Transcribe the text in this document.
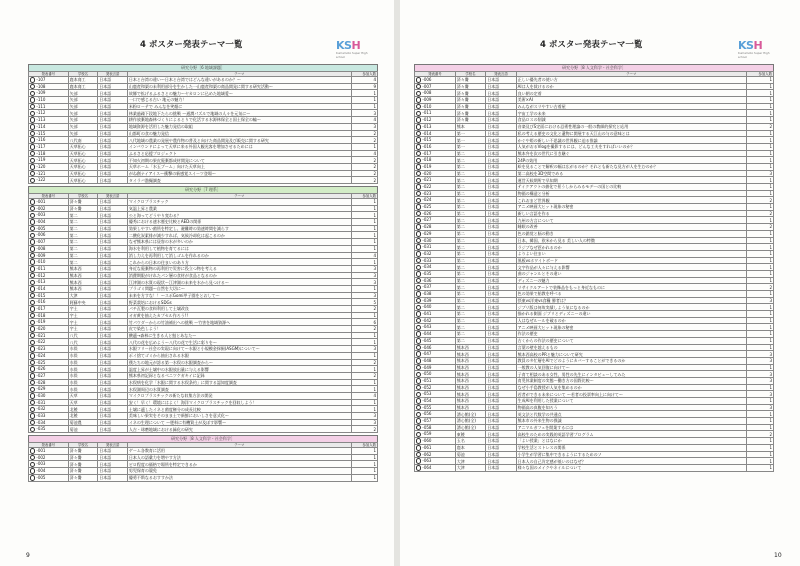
4 ポスター発表テーマ一覧	KSH
Kumamoto Super High school
研究分野［6 地域課題］
発表番号	学校名	発表言語	テーマ	参加人数
-107	鹿本商工	日本語	日本と台湾の違い～日本と台湾ではどんな違いがあるのか？～	4
-108	鹿本商工	日本語	山鹿産和栗の未利用部分を生かした一山鹿産和栗の商品開発に関する研究活動～	9
-109	矢部	日本語	故郷で拡げるふるさとの魅力～ヤカロンに込めた地域愛～	1
-110	矢部	日本語	一口で感じる古い 地元の魅力！	1
-111	矢部	日本語	米粉ローテで みんなを笑顔に	1
-112	矢部	日本語	林業過疎下段地下たらの挑戦 ～通潤パズルで地域の人々を元気に～	3
-113	矢部	日本語	耕作放棄地森林づくりによるとりで化活する水源林保全と国土保全の輪～	4
-114	矢部	日本語	地域資源を活用した魅力発信の取組	3
-115	矢部	日本語	山都町の食の魅力発信	2
-116	八代南	日本語	八代地域の農業の発展や農作物の普及と向けた商品開発及び販売に関する研究	2
-117	天草拓心	日本語	インバウンドによって天草に来る外国人観光客を増加させるためには	1
-118	天草拓心	日本語	ふるさと応援プロジェクト	4
-119	天草拓心	日本語	不知火初期の果皮廃棄都成材開発について	2
-120	天草拓心	日本語	天草ホーム「水玉ブーム」向けた天草向上	2
-121	天草拓心	日本語	がね創ナイアイス～衝撃の新感覚スイーツ登場～	2
-122	天草拓心	日本語	タイラバ漁撮調査	2
研究分野［7 理系］
発表番号	学校名	発表言語	テーマ	参加人数
-001	済々黌	日本語	マイクロプラスチック	1
-002	済々黌	日本語	気温上昇と農業	1
-003	第二	日本語	公と海ってどうやり変わる？	1
-004	第二	日本語	優秀における速水歴史比較とAEDの関係	1
-005	第二	日本語	効果しやすい菌所を特定し、避難時の効速時間を減らす	1
-006	第二	日本語	二酸化炭素排が減少すれば、気候冷却化は起こるのか	1
-007	第二	日本語	なぜ熊本県には昼容の水が多いのか	1
-008	第二	日本語	海水を利用して植物を育てるには	1
-009	第二	日本語	消し力えを再利用して消しゴムを作れるのか	4
-010	第二	日本語	これからの日本の住まいのあり方	1
-011	熊本西	日本語	身近な廃棄物の再利用で災害に役立つ物を考える	3
-012	熊本西	日本語	消費期限がけれたパン層の食材が食品となるのか	3
-013	熊本西	日本語	江津湖の水質の現状～江津湖の未来を水から見つける～	3
-014	熊本西	日本語	プラゴミ問題～自然を大切に～	1
-015	大津	日本語	未来を方すな！！～スポGomi甲子園をとおして～	3
-016	阿蘇中央	日本語	野菜栽培におけるSDGs	5
-017	宇土	日本語	パチ瓦製の食料利用して土壌改良	2
-018	宇土	日本語	オガ黄を抽えたカプセル作ろう!!	1
-019	宇土	日本語	竹パウダーからの竹油補出への挑戦 ～竹害を地域資源へ	6
-020	宇土	日本語	皮で染色しよう！	2
-021	八代	日本語	酸適→森林に生きる人と鮭とあなた～	1
-022	八代	日本語	八代の花を広めよう～八代の花で生活に彩りを～	1
-023	水俣	日本語	水銀フリー社会の実現に向けて～水銀と小規模金採掘(ASGM)について～	3
-024	水俣	日本語	ポイ捨てゴミから抽出される水銀	1
-025	水俣	日本語	僕たちの地元が誇る第一水俣の水銀調査から～	2
-026	水俣	日本語	温度上昇が土壌中の水銀放出量に与える影響	1
-027	水俣	日本語	熊本県初記録となるベニツケガキイに記録	2
-028	水俣	日本語	水俣病を化学「水銀に関する水俣条約」に関する認知度調査	1
-029	水俣	日本語	水俣湖周辺の水質調査	1
-030	天草	日本語	マイクロプラスチックの新たな収集方法の開発	4
-031	天草	日本語	安く！早く！環境にはよく！海洋マイクロプラスチックを回収しよう！	1
-032	北稜	日本語	土壌に適したイネと菌度権分の成長比較	1
-033	北稜	日本語	美味しい果実をそのまま土で新鮮においしさを意式化～	3
-034	菊池農	日本語	イネの生理について ～肥料に有機質土が及ぼす影響～	3
-035	菊池	日本語	人吉・球磨地域における緑化の研究	2
研究分野［8 人文科学・社会科学］
発表番号	学校名	発表言語	テーマ	参加人数
-001	済々黌	日本語	ゲーム各教育に活用	1
-002	済々黌	日本語	日本人の語彙力を増やす方法	1
-003	済々黌	日本語	ビロ程度の価格で場所を特定できるか	1
-004	済々黌	日本語	男児保育の競免	1
-005	済々黌	日本語	優勇不斯なるおすすか法	1
9
4 ポスター発表テーマ一覧	KSH
Kumamoto Super High school
研究分野［8 人文科学・社会科学］
発表番号	学校名	発表言語	テーマ	参加人数
-006	済々黌	日本語	正しい優先者の使い方	1
-007	済々黌	日本語	AIは人を裁けるのか	1
-008	済々黌	日本語	良い朝の定着	1
-009	済々黌	日本語	美術×AI	1
-010	済々黌	日本語	みんながスリやすい古着屋	1
-011	済々黌	日本語	宇宙工学の未来	1
-012	済々黌	日本語	食品ロスの削減	1
-013	熊本	日本語	音楽及びS定面における忍術性理論の一般の教師的探究と応用	2
-014	第一	日本語	私の考える歴史の文化と遺物に開展する天江山の与の意味とは	1
-015	第一	日本語	かぐや姫の新しい不思議の世界観に迫る推論	1
-016	第一	日本語	人気がおるVlogを撮影するには、どんな工夫をすればいいのか？	1
-017	第二	日本語	熊本弁を次の世代に引き継ぐ	1
-018	第二	日本語	24Pの効用	1
-019	第二	日本語	絵を見ることで解釈の幅は広がるのか？それとも新たな見方が人を生むのか？	1
-020	第二	日本語	第二高校を3D空間でめる	3
-021	第二	日本語	運営天候期所で早知期	1
-022	第二	日本語	テイクアウトの値化で景うしからみるモデーの国との比較	1
-023	第二	日本語	物価の構造と分析	1
-024	第二	日本語	これおまど世界観	2
-025	第二	日本語	アニメ映画大ヒット現象の秘密	1
-026	第二	日本語	新しい言語を作る	2
-027	第二	日本語	九州の方言について	1
-028	第二	日本語	睡眠の改善	2
-029	第二	日本語	色の錯覚と脳の動き	1
-030	第二	日本語	日本、韓国、欧米から見る 美しい人の特徴	1
-031	第二	日本語	ラジブなぜ惹かれるのか	1
-032	第二	日本語	よりよい住まい	1
-033	第二	日本語	黒板vsホワイトボード	1
-034	第二	日本語	文字作品が人々に与える影響	1
-035	第二	日本語	曲のジャンルとその違い	1
-036	第二	日本語	ディズニーの魅力	1
-037	第二	日本語	リサイクルアートで装飾品をもっと身近なものに	2
-038	第二	日本語	色の効果で胎教を呼べる	1
-039	第二	日本語	摂東vs洋東vs食糧 勝者は？	3
-040	第二	日本語	ジブリ版は何故実績しよう気になるのか	1
-041	第二	日本語	描かれる側面 ジブリとディズニーの違い	1
-042	第二	日本語	人はなぜルールを破るのか	1
-043	第二	日本語	アニメ映画大ヒット現象の秘密	1
-044	第二	日本語	作法の歴史	1
-045	第二	日本語	古くからの作法の歴史について	1
-046	熊本西	日本語	言葉の壁を越えるもの	1
-047	熊本西	日本語	熊本西高校のPRと魅力について研究	3
-048	熊本西	日本語	教員の多忙層をAIでどのようにカバーすることができるのか	3
-049	熊本西	日本語	一般教の人気回復に向けて～	1
-050	熊本西	日本語	子育て相談のある女性、男性の先生にインタビューしてみた	3
-051	熊本西	日本語	育児休業制度の実態～働き方の国際比較～	3
-052	熊本西	日本語	なぜ小手島教授が人気を集めるのか	1
-053	熊本西	日本語	若者ができる未来について ～若者の投票率向上に向けて～	3
-054	熊本西	日本語	生成AIを利用した授業について	1
-055	熊本西	日本語	物価高の真腹を知ろう	3
-056	湧心館(全)	日本語	英文法と代数学の共通点	1
-057	湧心館(全)	日本語	熊本市の外来生物の撲滅	1
-058	湧心館(全)	日本語	アニマルガフェを開業するには	1
-059	東稜	日本語	高校生のための実践的英語学習プログラム	2
-060	玉名	日本語	「よい授業」とはなにか	1
-061	鹿本	日本語	学校生活とストレスの関係	1
-062	菊池	日本語	小学生が学習に集中できるようにするためのソ	1
-063	大津	日本語	日本人の自己肯定感が低いのはなぜ？	1
-064	大津	日本語	様々な国のメイクやネイルについて	1
10
